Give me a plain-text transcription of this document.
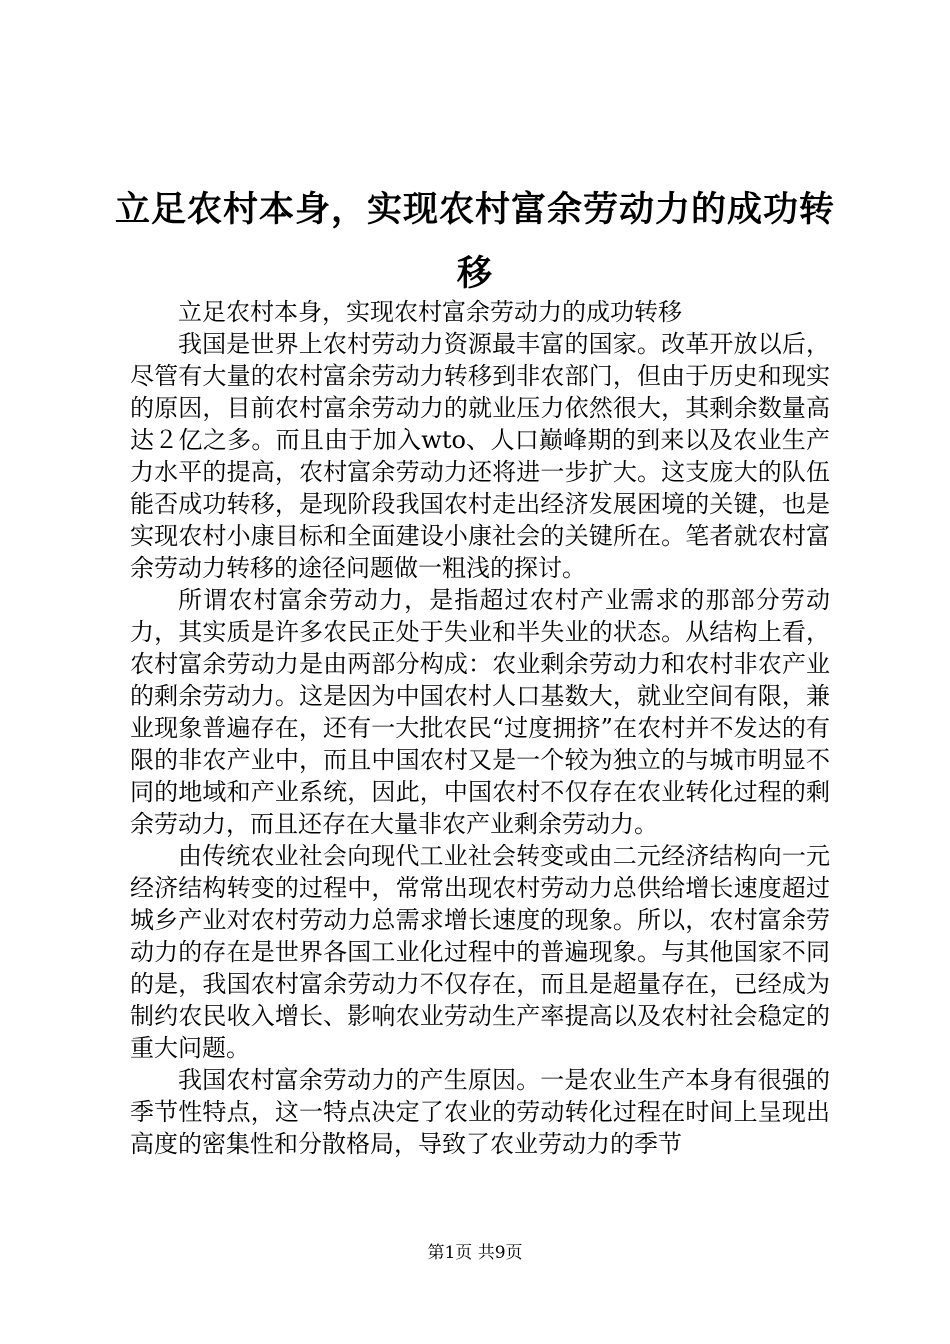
立足农村本身，实现农村富余劳动力的成功转移

立足农村本身，实现农村富余劳动力的成功转移

我国是世界上农村劳动力资源最丰富的国家。改革开放以后，尽管有大量的农村富余劳动力转移到非农部门，但由于历史和现实的原因，目前农村富余劳动力的就业压力依然很大，其剩余数量高达２亿之多。而且由于加入wto、人口巅峰期的到来以及农业生产力水平的提高，农村富余劳动力还将进一步扩大。这支庞大的队伍能否成功转移，是现阶段我国农村走出经济发展困境的关键，也是实现农村小康目标和全面建设小康社会的关键所在。笔者就农村富余劳动力转移的途径问题做一粗浅的探讨。

所谓农村富余劳动力，是指超过农村产业需求的那部分劳动力，其实质是许多农民正处于失业和半失业的状态。从结构上看，农村富余劳动力是由两部分构成：农业剩余劳动力和农村非农产业的剩余劳动力。这是因为中国农村人口基数大，就业空间有限，兼业现象普遍存在，还有一大批农民“过度拥挤”在农村并不发达的有限的非农产业中，而且中国农村又是一个较为独立的与城市明显不同的地域和产业系统，因此，中国农村不仅存在农业转化过程的剩余劳动力，而且还存在大量非农产业剩余劳动力。

由传统农业社会向现代工业社会转变或由二元经济结构向一元经济结构转变的过程中，常常出现农村劳动力总供给增长速度超过城乡产业对农村劳动力总需求增长速度的现象。所以，农村富余劳动力的存在是世界各国工业化过程中的普遍现象。与其他国家不同的是，我国农村富余劳动力不仅存在，而且是超量存在，已经成为制约农民收入增长、影响农业劳动生产率提高以及农村社会稳定的重大问题。

我国农村富余劳动力的产生原因。一是农业生产本身有很强的季节性特点，这一特点决定了农业的劳动转化过程在时间上呈现出高度的密集性和分散格局，导致了农业劳动力的季节

第1页 共9页
